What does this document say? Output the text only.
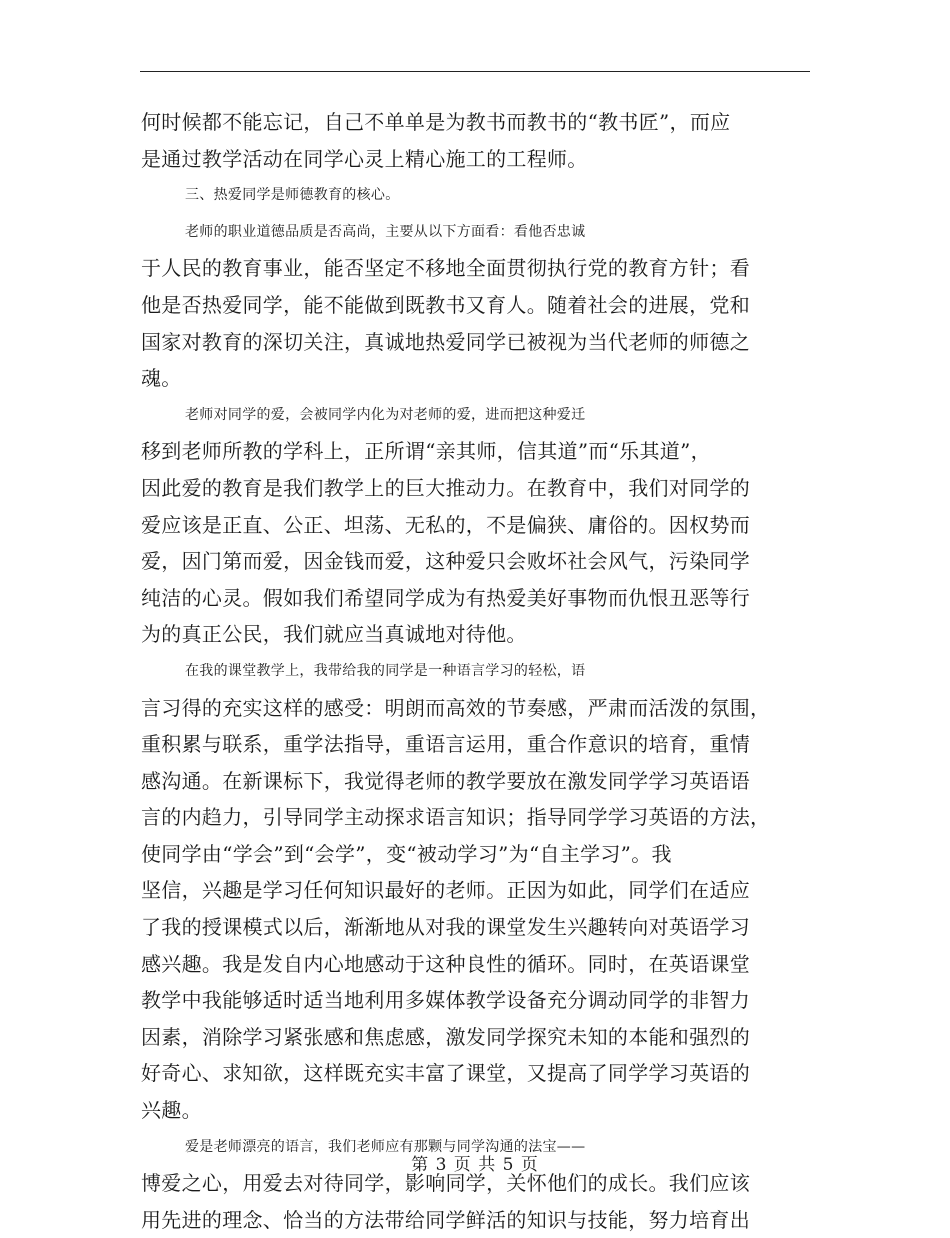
何时候都不能忘记，自己不单单是为教书而教书的“教书匠”，而应
是通过教学活动在同学心灵上精心施工的工程师。
三、热爱同学是师德教育的核心。
老师的职业道德品质是否高尚，主要从以下方面看：看他否忠诚
于人民的教育事业，能否坚定不移地全面贯彻执行党的教育方针；看
他是否热爱同学，能不能做到既教书又育人。随着社会的进展，党和
国家对教育的深切关注，真诚地热爱同学已被视为当代老师的师德之
魂。
老师对同学的爱，会被同学内化为对老师的爱，进而把这种爱迁
移到老师所教的学科上，正所谓“亲其师，信其道”而“乐其道”，
因此爱的教育是我们教学上的巨大推动力。在教育中，我们对同学的
爱应该是正直、公正、坦荡、无私的，不是偏狭、庸俗的。因权势而
爱，因门第而爱，因金钱而爱，这种爱只会败坏社会风气，污染同学
纯洁的心灵。假如我们希望同学成为有热爱美好事物而仇恨丑恶等行
为的真正公民，我们就应当真诚地对待他。
在我的课堂教学上，我带给我的同学是一种语言学习的轻松，语
言习得的充实这样的感受：明朗而高效的节奏感，严肃而活泼的氛围，
重积累与联系，重学法指导，重语言运用，重合作意识的培育，重情
感沟通。在新课标下，我觉得老师的教学要放在激发同学学习英语语
言的内趋力，引导同学主动探求语言知识；指导同学学习英语的方法，
使同学由“学会”到“会学”，变“被动学习”为“自主学习”。我
坚信，兴趣是学习任何知识最好的老师。正因为如此，同学们在适应
了我的授课模式以后，渐渐地从对我的课堂发生兴趣转向对英语学习
感兴趣。我是发自内心地感动于这种良性的循环。同时，在英语课堂
教学中我能够适时适当地利用多媒体教学设备充分调动同学的非智力
因素，消除学习紧张感和焦虑感，激发同学探究未知的本能和强烈的
好奇心、求知欲，这样既充实丰富了课堂，又提高了同学学习英语的
兴趣。
爱是老师漂亮的语言，我们老师应有那颗与同学沟通的法宝——
博爱之心，用爱去对待同学，影响同学，关怀他们的成长。我们应该
用先进的理念、恰当的方法带给同学鲜活的知识与技能，努力培育出
第 3 页 共 5 页
